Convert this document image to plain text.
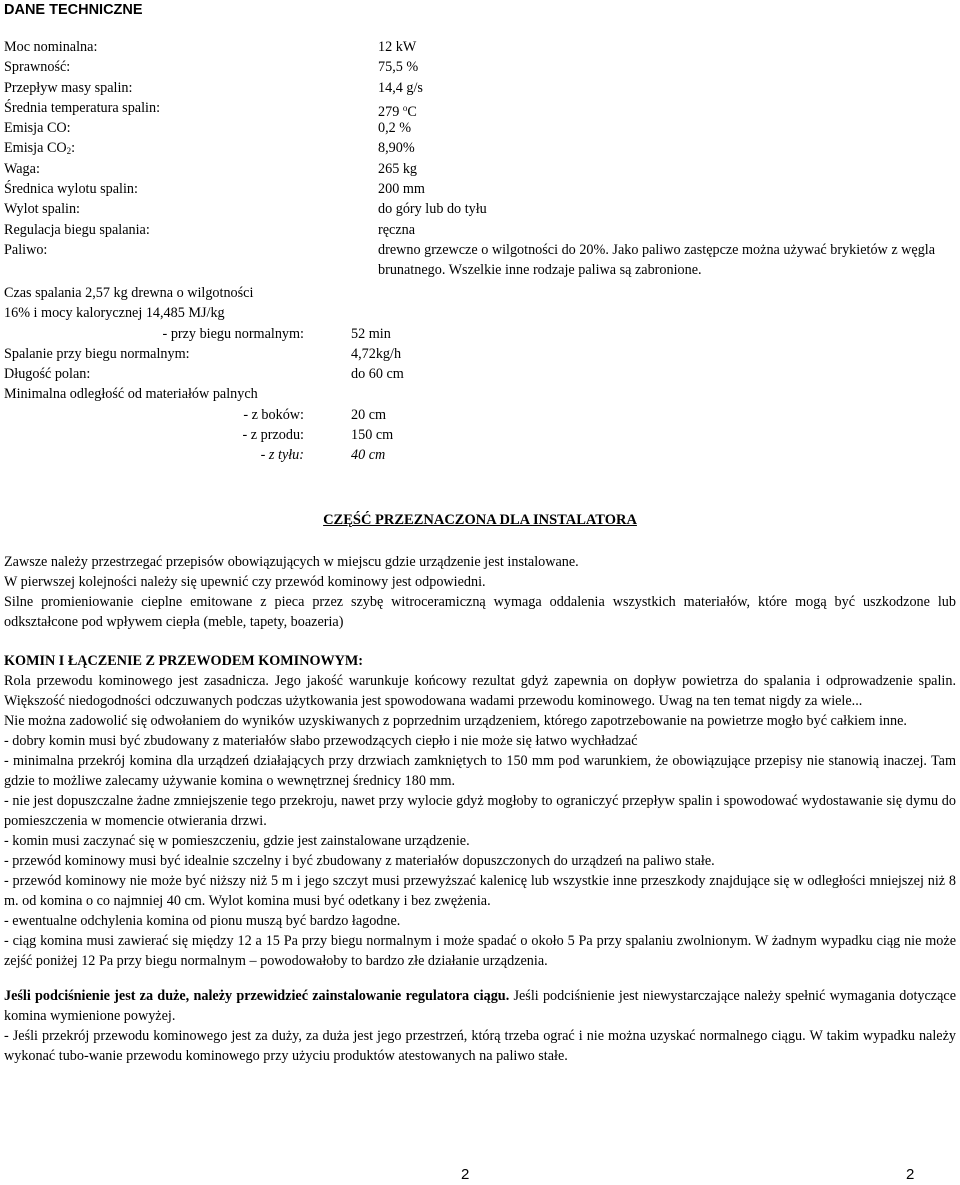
DANE TECHNICZNE
Moc nominalna:	12 kW
Sprawność:	75,5 %
Przepływ masy spalin:	14,4 g/s
Średnia temperatura spalin:	279 $^o$C
Emisja CO:	0,2 %
Emisja $CO_2$:	8,90%
Waga:	265 kg
Średnica wylotu spalin:	200 mm
Wylot spalin:	do góry lub do tyłu
Regulacja biegu spalania:	ręczna
Paliwo:	drewno grzewcze o wilgotności do 20%. Jako paliwo zastępcze można używać brykietów z węgla brunatnego. Wszelkie inne rodzaje paliwa są zabronione.
Czas spalania 2,57 kg drewna o wilgotności
16% i mocy kalorycznej 14,485 MJ/kg
- przy biegu normalnym:	52 min
Spalanie przy biegu normalnym:	4,72kg/h
Długość polan:	do 60 cm
Minimalna odległość od materiałów palnych
- z boków:	20 cm
- z przodu:	150 cm
- z tyłu:	40 cm
CZĘŚĆ PRZEZNACZONA DLA INSTALATORA

Zawsze należy przestrzegać przepisów obowiązujących w miejscu gdzie urządzenie jest instalowane.

W pierwszej kolejności należy się upewnić czy przewód kominowy jest odpowiedni.

Silne promieniowanie cieplne emitowane z pieca przez szybę witroceramiczną wymaga oddalenia wszystkich materiałów, które mogą być uszkodzone lub odkształcone pod wpływem ciepła (meble, tapety, boazeria)

KOMIN I ŁĄCZENIE Z PRZEWODEM KOMINOWYM:

Rola przewodu kominowego jest zasadnicza. Jego jakość warunkuje końcowy rezultat gdyż zapewnia on dopływ powietrza do spalania i odprowadzenie spalin. Większość niedogodności odczuwanych podczas użytkowania jest spowodowana wadami przewodu kominowego. Uwag na ten temat nigdy za wiele...

Nie można zadowolić się odwołaniem do wyników uzyskiwanych z poprzednim urządzeniem, którego zapotrzebowanie na powietrze mogło być całkiem inne.

- dobry komin musi być zbudowany z materiałów słabo przewodzących ciepło i nie może się łatwo wychładzać

- minimalna przekrój komina dla urządzeń działających przy drzwiach zamkniętych to 150 mm pod warunkiem, że obowiązujące przepisy nie stanowią inaczej. Tam gdzie to możliwe zalecamy używanie komina o wewnętrznej średnicy 180 mm.

- nie jest dopuszczalne żadne zmniejszenie tego przekroju, nawet przy wylocie gdyż mogłoby to ograniczyć przepływ spalin i spowodować wydostawanie się dymu do pomieszczenia w momencie otwierania drzwi.

- komin musi zaczynać się w pomieszczeniu, gdzie jest zainstalowane urządzenie.

- przewód kominowy musi być idealnie szczelny i być zbudowany z materiałów dopuszczonych do urządzeń na paliwo stałe.

- przewód kominowy nie może być niższy niż 5 m i jego szczyt musi przewyższać kalenicę lub wszystkie inne przeszkody znajdujące się w odległości mniejszej niż 8 m. od komina o co najmniej 40 cm. Wylot komina musi być odetkany i bez zwężenia.

- ewentualne odchylenia komina od pionu muszą być bardzo łagodne.

- ciąg komina musi zawierać się między 12 a 15 Pa przy biegu normalnym i może spadać o około 5 Pa przy spalaniu zwolnionym. W żadnym wypadku ciąg nie może zejść poniżej 12 Pa przy biegu normalnym – powodowałoby to bardzo złe działanie urządzenia.

Jeśli podciśnienie jest za duże, należy przewidzieć zainstalowanie regulatora ciągu. Jeśli podciśnienie jest niewystarczające należy spełnić wymagania dotyczące komina wymienione powyżej.

- Jeśli przekrój przewodu kominowego jest za duży, za duża jest jego przestrzeń, którą trzeba ograć i nie można uzyskać normalnego ciągu. W takim wypadku należy wykonać tubo-wanie przewodu kominowego przy użyciu produktów atestowanych na paliwo stałe.

2	2
